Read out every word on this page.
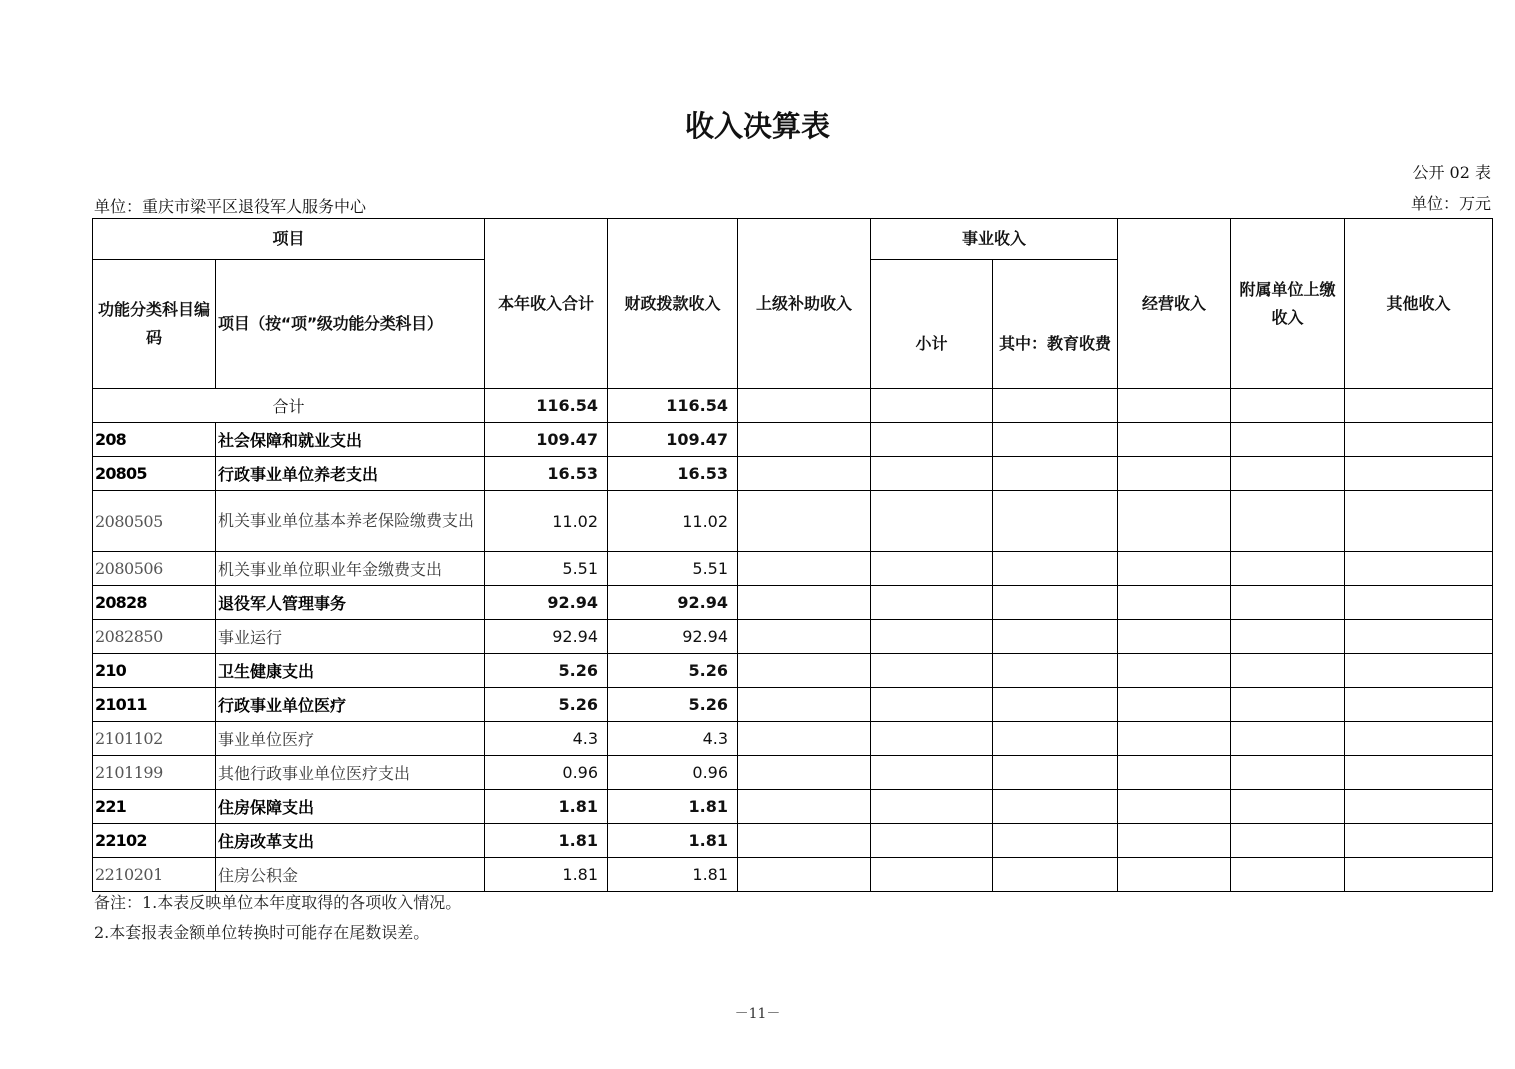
收入决算表
公开 02 表
单位：重庆市梁平区退役军人服务中心	单位：万元
项目		本年收入合计	财政拨款收入	上级补助收入	事业收入		经营收入	附属单位上缴收入	其他收入
功能分类科目编码	项目（按“项”级功能分类科目）				小计	其中：教育收费			
合计		116.54	116.54						
208	社会保障和就业支出	109.47	109.47						
20805	行政事业单位养老支出	16.53	16.53						
2080505	机关事业单位基本养老保险缴费支出	11.02	11.02						
2080506	机关事业单位职业年金缴费支出	5.51	5.51						
20828	退役军人管理事务	92.94	92.94						
2082850	事业运行	92.94	92.94						
210	卫生健康支出	5.26	5.26						
21011	行政事业单位医疗	5.26	5.26						
2101102	事业单位医疗	4.3	4.3						
2101199	其他行政事业单位医疗支出	0.96	0.96						
221	住房保障支出	1.81	1.81						
22102	住房改革支出	1.81	1.81						
2210201	住房公积金	1.81	1.81						
备注：1.本表反映单位本年度取得的各项收入情况。
2.本套报表金额单位转换时可能存在尾数误差。
－11－
